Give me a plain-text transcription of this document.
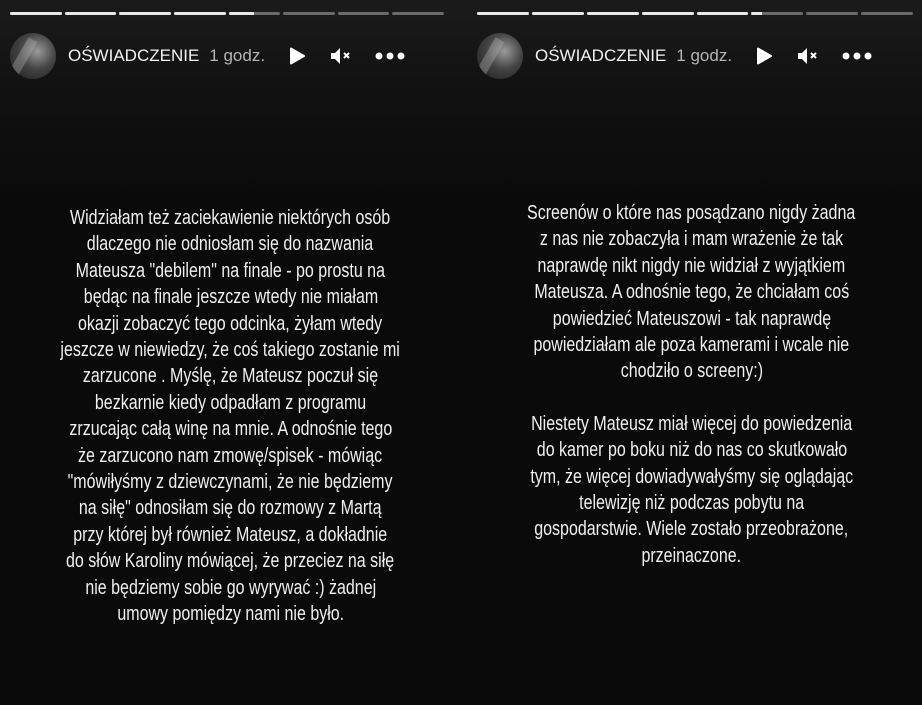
OŚWIADCZENIE 1 godz.
Widziałam też zaciekawienie niektórych osób
dlaczego nie odniosłam się do nazwania
Mateusza "debilem" na finale - po prostu na
będąc na finale jeszcze wtedy nie miałam
okazji zobaczyć tego odcinka, żyłam wtedy
jeszcze w niewiedzy, że coś takiego zostanie mi
zarzucone . Myślę, że Mateusz poczuł się
bezkarnie kiedy odpadłam z programu
zrzucając całą winę na mnie. A odnośnie tego
że zarzucono nam zmowę/spisek - mówiąc
"mówiłyśmy z dziewczynami, że nie będziemy
na siłę" odnosiłam się do rozmowy z Martą
przy której był również Mateusz, a dokładnie
do słów Karoliny mówiącej, że przeciez na siłę
nie będziemy sobie go wyrywać :) żadnej
umowy pomiędzy nami nie było.
OŚWIADCZENIE 1 godz.
Screenów o które nas posądzano nigdy żadna
z nas nie zobaczyła i mam wrażenie że tak
naprawdę nikt nigdy nie widział z wyjątkiem
Mateusza. A odnośnie tego, że chciałam coś
powiedzieć Mateuszowi - tak naprawdę
powiedziałam ale poza kamerami i wcale nie
chodziło o screeny:)
Niestety Mateusz miał więcej do powiedzenia
do kamer po boku niż do nas co skutkowało
tym, że więcej dowiadywałyśmy się oglądając
telewizję niż podczas pobytu na
gospodarstwie. Wiele zostało przeobrażone,
przeinaczone.
